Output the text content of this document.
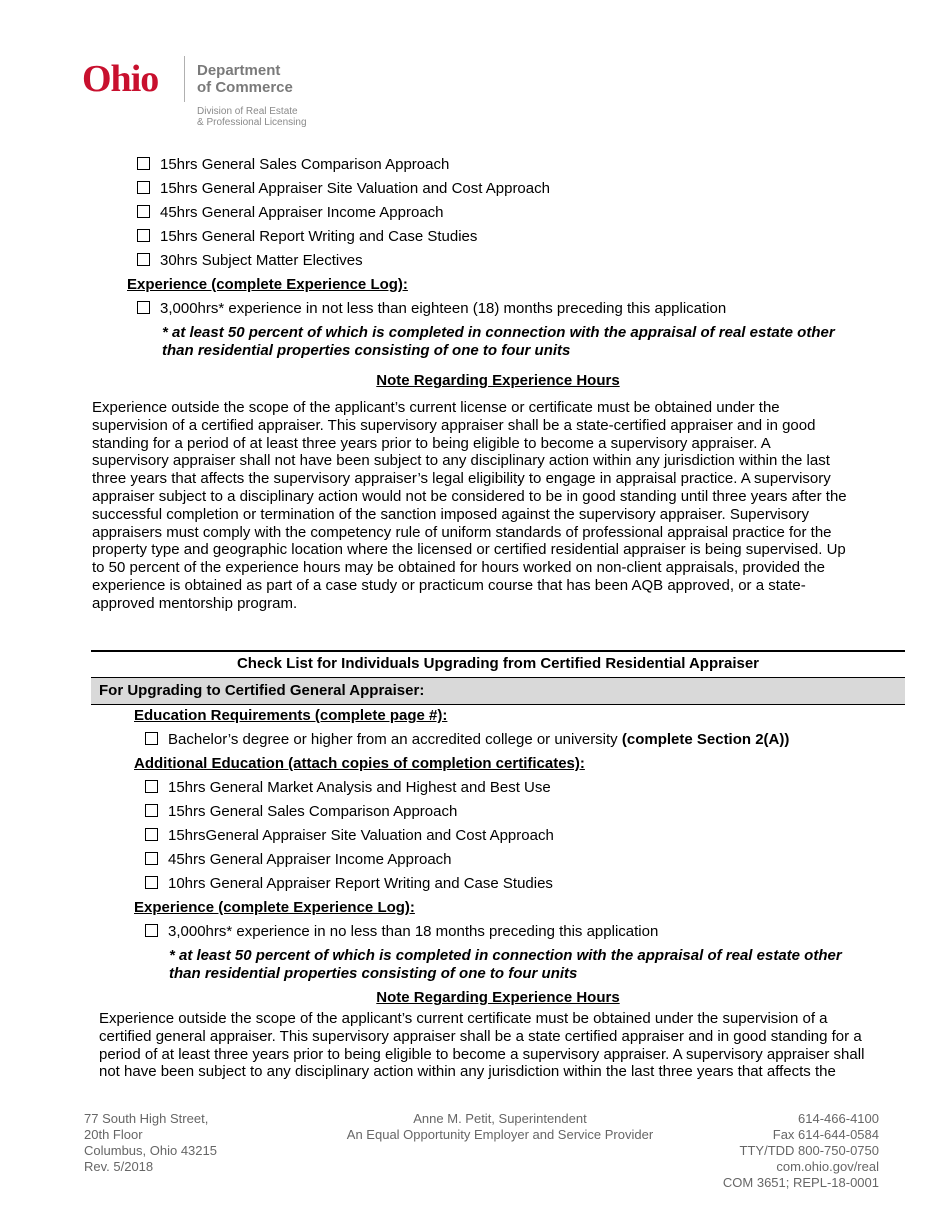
Ohio	Department
of Commerce
Division of Real Estate
& Professional Licensing
15hrs General Sales Comparison Approach
15hrs General Appraiser Site Valuation and Cost Approach
45hrs General Appraiser Income Approach
15hrs General Report Writing and Case Studies
30hrs Subject Matter Electives
Experience (complete Experience Log):
3,000hrs* experience in not less than eighteen (18) months preceding this application
* at least 50 percent of which is completed in connection with the appraisal of real estate other
than residential properties consisting of one to four units
Note Regarding Experience Hours
Experience outside the scope of the applicant’s current license or certificate must be obtained under the
supervision of a certified appraiser. This supervisory appraiser shall be a state-certified appraiser and in good
standing for a period of at least three years prior to being eligible to become a supervisory appraiser. A
supervisory appraiser shall not have been subject to any disciplinary action within any jurisdiction within the last
three years that affects the supervisory appraiser’s legal eligibility to engage in appraisal practice. A supervisory
appraiser subject to a disciplinary action would not be considered to be in good standing until three years after the
successful completion or termination of the sanction imposed against the supervisory appraiser. Supervisory
appraisers must comply with the competency rule of uniform standards of professional appraisal practice for the
property type and geographic location where the licensed or certified residential appraiser is being supervised. Up
to 50 percent of the experience hours may be obtained for hours worked on non-client appraisals, provided the
experience is obtained as part of a case study or practicum course that has been AQB approved, or a state-
approved mentorship program.
Check List for Individuals Upgrading from Certified Residential Appraiser
For Upgrading to Certified General Appraiser:
Education Requirements (complete page #):
Bachelor’s degree or higher from an accredited college or university (complete Section 2(A))
Additional Education (attach copies of completion certificates):
15hrs General Market Analysis and Highest and Best Use
15hrs General Sales Comparison Approach
15hrsGeneral Appraiser Site Valuation and Cost Approach
45hrs General Appraiser Income Approach
10hrs General Appraiser Report Writing and Case Studies
Experience (complete Experience Log):
3,000hrs* experience in no less than 18 months preceding this application
* at least 50 percent of which is completed in connection with the appraisal of real estate other
than residential properties consisting of one to four units
Note Regarding Experience Hours
Experience outside the scope of the applicant’s current certificate must be obtained under the supervision of a
certified general appraiser. This supervisory appraiser shall be a state certified appraiser and in good standing for a
period of at least three years prior to being eligible to become a supervisory appraiser. A supervisory appraiser shall
not have been subject to any disciplinary action within any jurisdiction within the last three years that affects the
77 South High Street,
20th Floor
Columbus, Ohio 43215
Rev. 5/2018
Anne M. Petit, Superintendent
An Equal Opportunity Employer and Service Provider
614-466-4100
Fax 614-644-0584
TTY/TDD 800-750-0750
com.ohio.gov/real
COM 3651; REPL-18-0001
